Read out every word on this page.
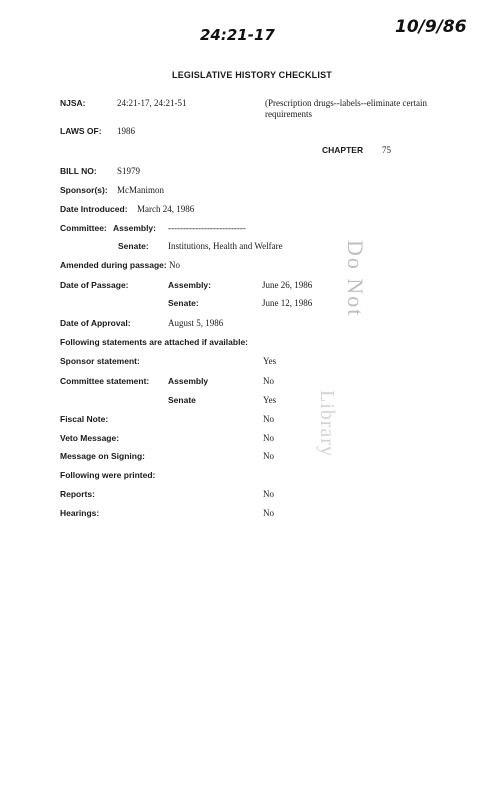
24:21-17	10/9/86
LEGISLATIVE HISTORY CHECKLIST
NJSA:	24:21-17, 24:21-51	(Prescription drugs--labels--eliminate certain requirements
LAWS OF: 1986
CHAPTER 75
BILL NO: S1979
Sponsor(s): McManimon
Date Introduced: March 24, 1986
Committee: Assembly: --------------------------
Senate: Institutions, Health and Welfare
Amended during passage: No
Date of Passage:	Assembly:	June 26, 1986
Senate:	June 12, 1986
Date of Approval:	August 5, 1986
Following statements are attached if available:
Sponsor statement:	Yes
Committee statement: Assembly	No
Senate	Yes
Fiscal Note:	No
Veto Message:	No
Message on Signing:	No
Following were printed:
Reports:	No
Hearings:	No
Do Not
Library
